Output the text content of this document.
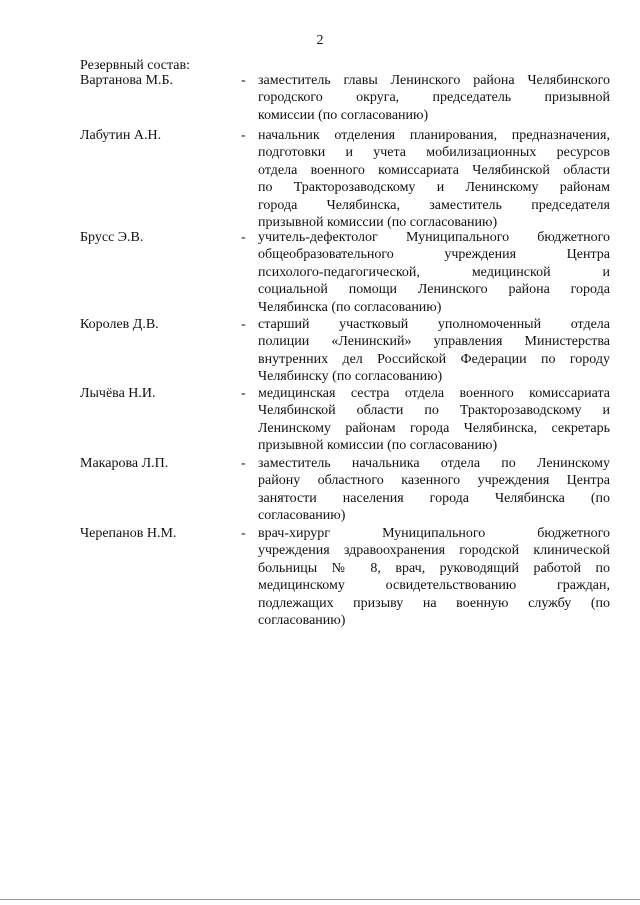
2
Резервный состав:
Вартанова М.Б.	- заместитель главы Ленинского района Челябинского
городского округа, председатель призывной
комиссии (по согласованию)
Лабутин А.Н.	- начальник отделения планирования, предназначения,
подготовки и учета мобилизационных ресурсов
отдела военного комиссариата Челябинской области
по Тракторозаводскому и Ленинскому районам
города Челябинска, заместитель председателя
призывной комиссии (по согласованию)
Брусс Э.В.	- учитель-дефектолог Муниципального бюджетного
общеобразовательного учреждения Центра
психолого-педагогической, медицинской и
социальной помощи Ленинского района города
Челябинска (по согласованию)
Королев Д.В.	- старший участковый уполномоченный отдела
полиции «Ленинский» управления Министерства
внутренних дел Российской Федерации по городу
Челябинску (по согласованию)
Лычёва Н.И.	- медицинская сестра отдела военного комиссариата
Челябинской области по Тракторозаводскому и
Ленинскому районам города Челябинска, секретарь
призывной комиссии (по согласованию)
Макарова Л.П.	- заместитель начальника отдела по Ленинскому
району областного казенного учреждения Центра
занятости населения города Челябинска (по
согласованию)
Черепанов Н.М.	- врач-хирург Муниципального бюджетного
учреждения здравоохранения городской клинической
больницы № 8, врач, руководящий работой по
медицинскому освидетельствованию граждан,
подлежащих призыву на военную службу (по
согласованию)
